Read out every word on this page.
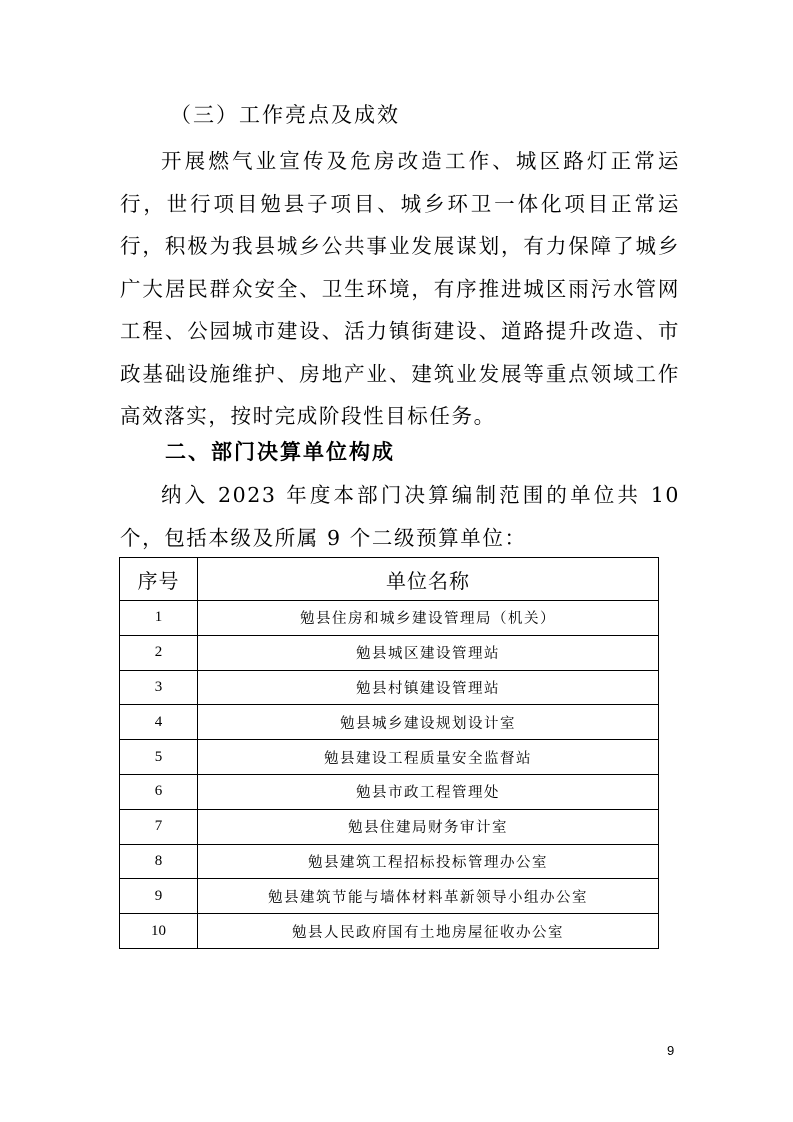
（三）工作亮点及成效

开展燃气业宣传及危房改造工作、城区路灯正常运行，世行项目勉县子项目、城乡环卫一体化项目正常运行，积极为我县城乡公共事业发展谋划，有力保障了城乡广大居民群众安全、卫生环境，有序推进城区雨污水管网工程、公园城市建设、活力镇街建设、道路提升改造、市政基础设施维护、房地产业、建筑业发展等重点领域工作高效落实，按时完成阶段性目标任务。

二、部门决算单位构成

纳入 2023 年度本部门决算编制范围的单位共 10 个，包括本级及所属 9 个二级预算单位：

序号	单位名称
1	勉县住房和城乡建设管理局（机关）
2	勉县城区建设管理站
3	勉县村镇建设管理站
4	勉县城乡建设规划设计室
5	勉县建设工程质量安全监督站
6	勉县市政工程管理处
7	勉县住建局财务审计室
8	勉县建筑工程招标投标管理办公室
9	勉县建筑节能与墙体材料革新领导小组办公室
10	勉县人民政府国有土地房屋征收办公室
9
